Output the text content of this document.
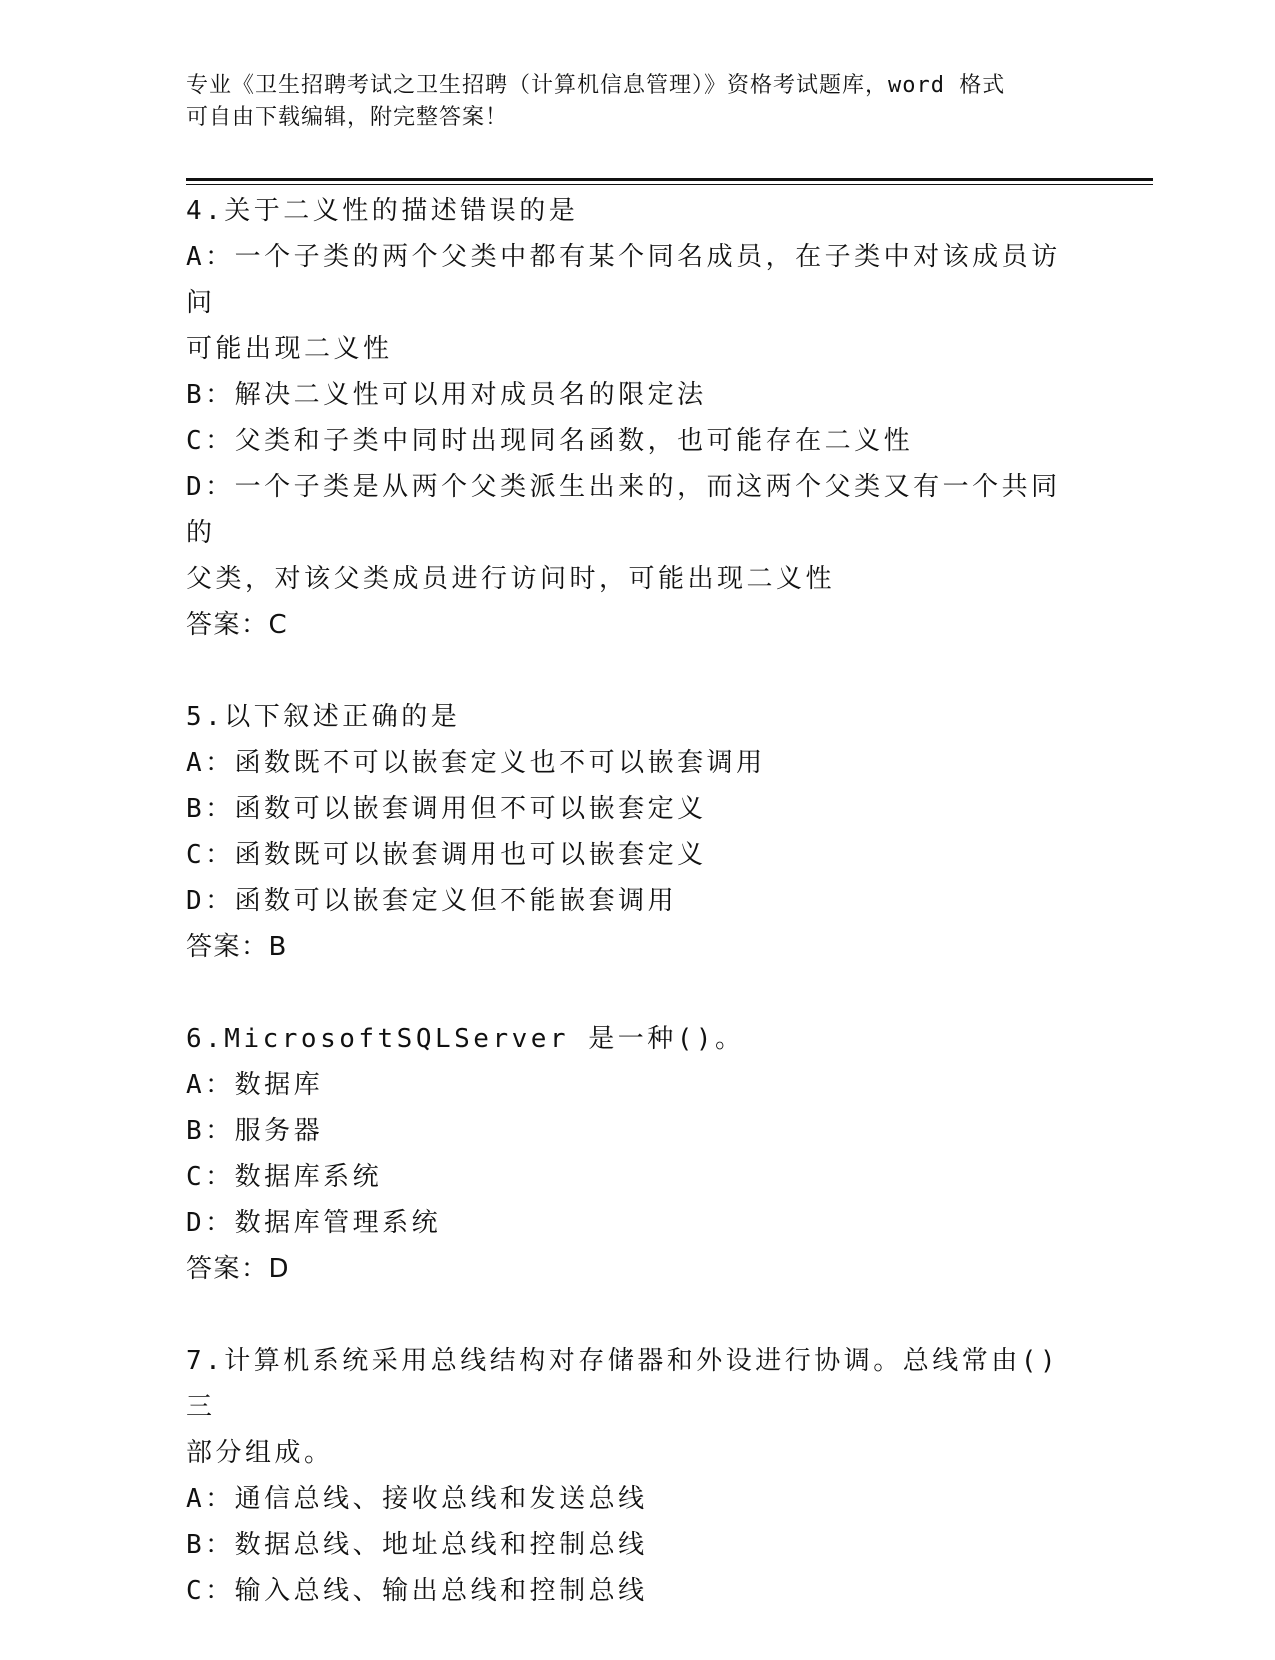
专业《卫生招聘考试之卫生招聘（计算机信息管理）》资格考试题库，word 格式
可自由下载编辑，附完整答案！

4.关于二义性的描述错误的是

A：一个子类的两个父类中都有某个同名成员，在子类中对该成员访问

可能出现二义性

B：解决二义性可以用对成员名的限定法

C：父类和子类中同时出现同名函数，也可能存在二义性

D：一个子类是从两个父类派生出来的，而这两个父类又有一个共同的

父类，对该父类成员进行访问时，可能出现二义性

答案：C

5.以下叙述正确的是

A：函数既不可以嵌套定义也不可以嵌套调用

B：函数可以嵌套调用但不可以嵌套定义

C：函数既可以嵌套调用也可以嵌套定义

D：函数可以嵌套定义但不能嵌套调用

答案：B

6.MicrosoftSQLServer 是一种()。

A：数据库

B：服务器

C：数据库系统

D：数据库管理系统

答案：D

7.计算机系统采用总线结构对存储器和外设进行协调。总线常由()三

部分组成。

A：通信总线、接收总线和发送总线

B：数据总线、地址总线和控制总线

C：输入总线、输出总线和控制总线
